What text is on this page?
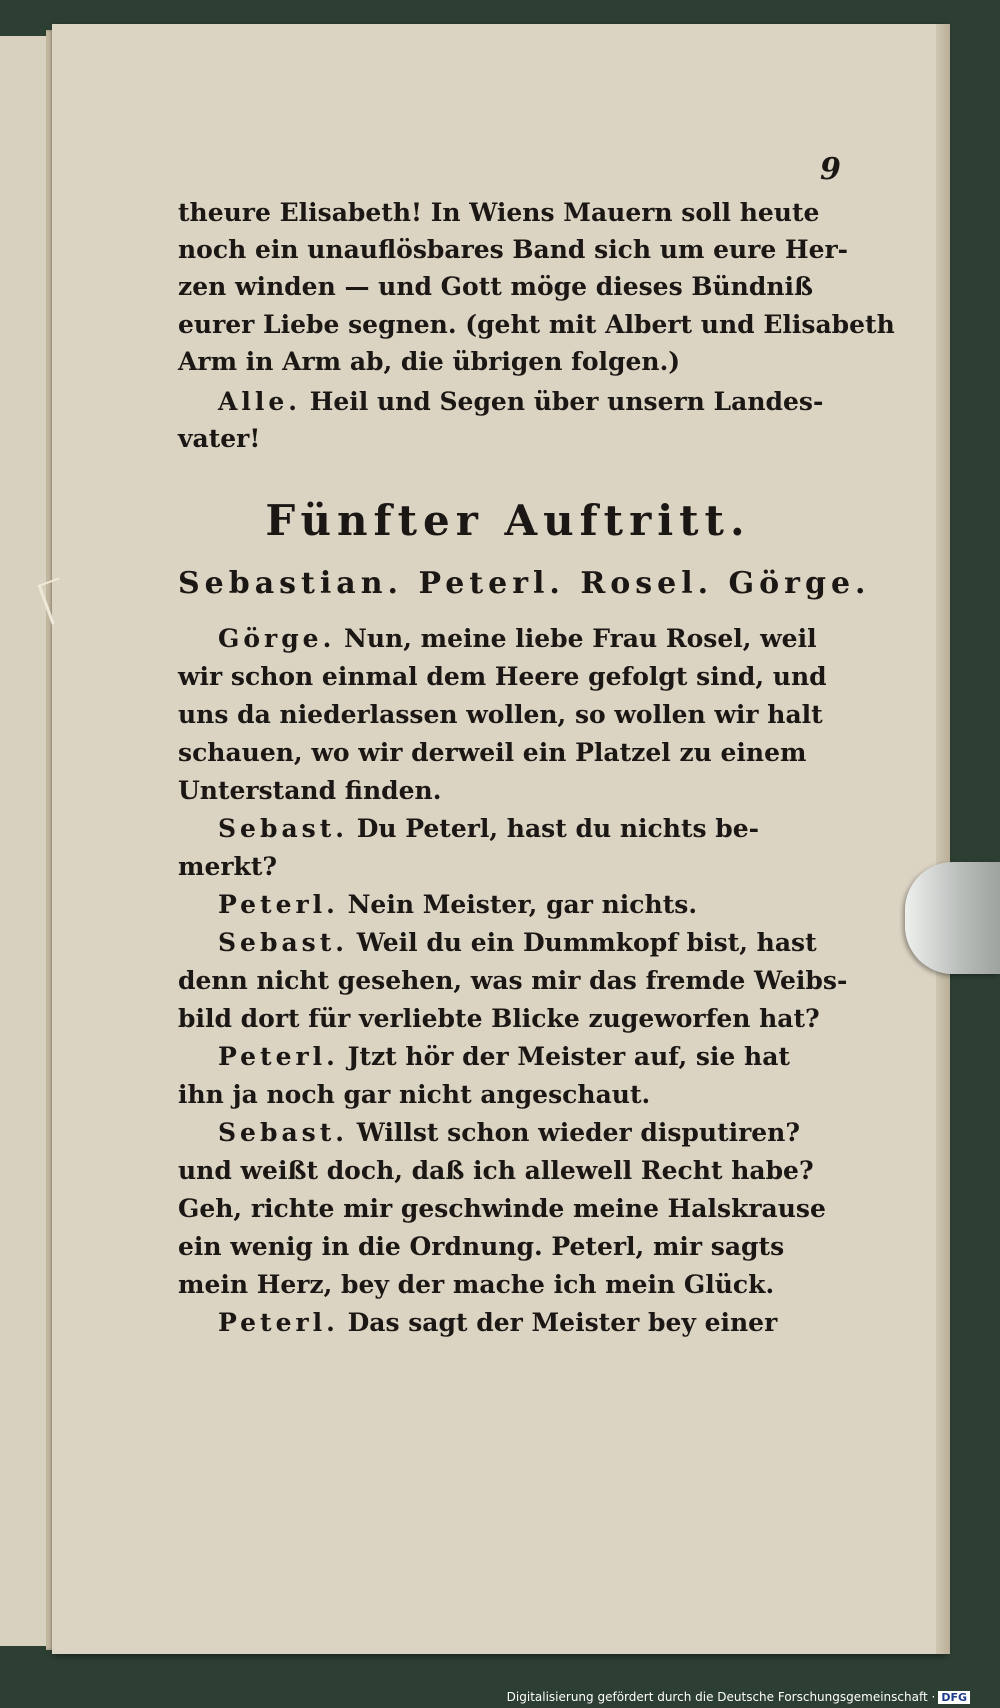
9
theure Elisabeth! In Wiens Mauern soll heute
noch ein unauflösbares Band sich um eure Her-
zen winden — und Gott möge dieses Bündniß
eurer Liebe segnen. (geht mit Albert und Elisabeth
Arm in Arm ab, die übrigen folgen.)
Alle. Heil und Segen über unsern Landes-
vater!
Fünfter Auftritt.
Sebastian. Peterl. Rosel. Görge.
Görge. Nun, meine liebe Frau Rosel, weil
wir schon einmal dem Heere gefolgt sind, und
uns da niederlassen wollen, so wollen wir halt
schauen, wo wir derweil ein Platzel zu einem
Unterstand finden.
Sebast. Du Peterl, hast du nichts be-
merkt?
Peterl. Nein Meister, gar nichts.
Sebast. Weil du ein Dummkopf bist, hast
denn nicht gesehen, was mir das fremde Weibs-
bild dort für verliebte Blicke zugeworfen hat?
Peterl. Jtzt hör der Meister auf, sie hat
ihn ja noch gar nicht angeschaut.
Sebast. Willst schon wieder disputiren?
und weißt doch, daß ich allewell Recht habe?
Geh, richte mir geschwinde meine Halskrause
ein wenig in die Ordnung. Peterl, mir sagts
mein Herz, bey der mache ich mein Glück.
Peterl. Das sagt der Meister bey einer
Digitalisierung gefördert durch die Deutsche Forschungsgemeinschaft · DFG
